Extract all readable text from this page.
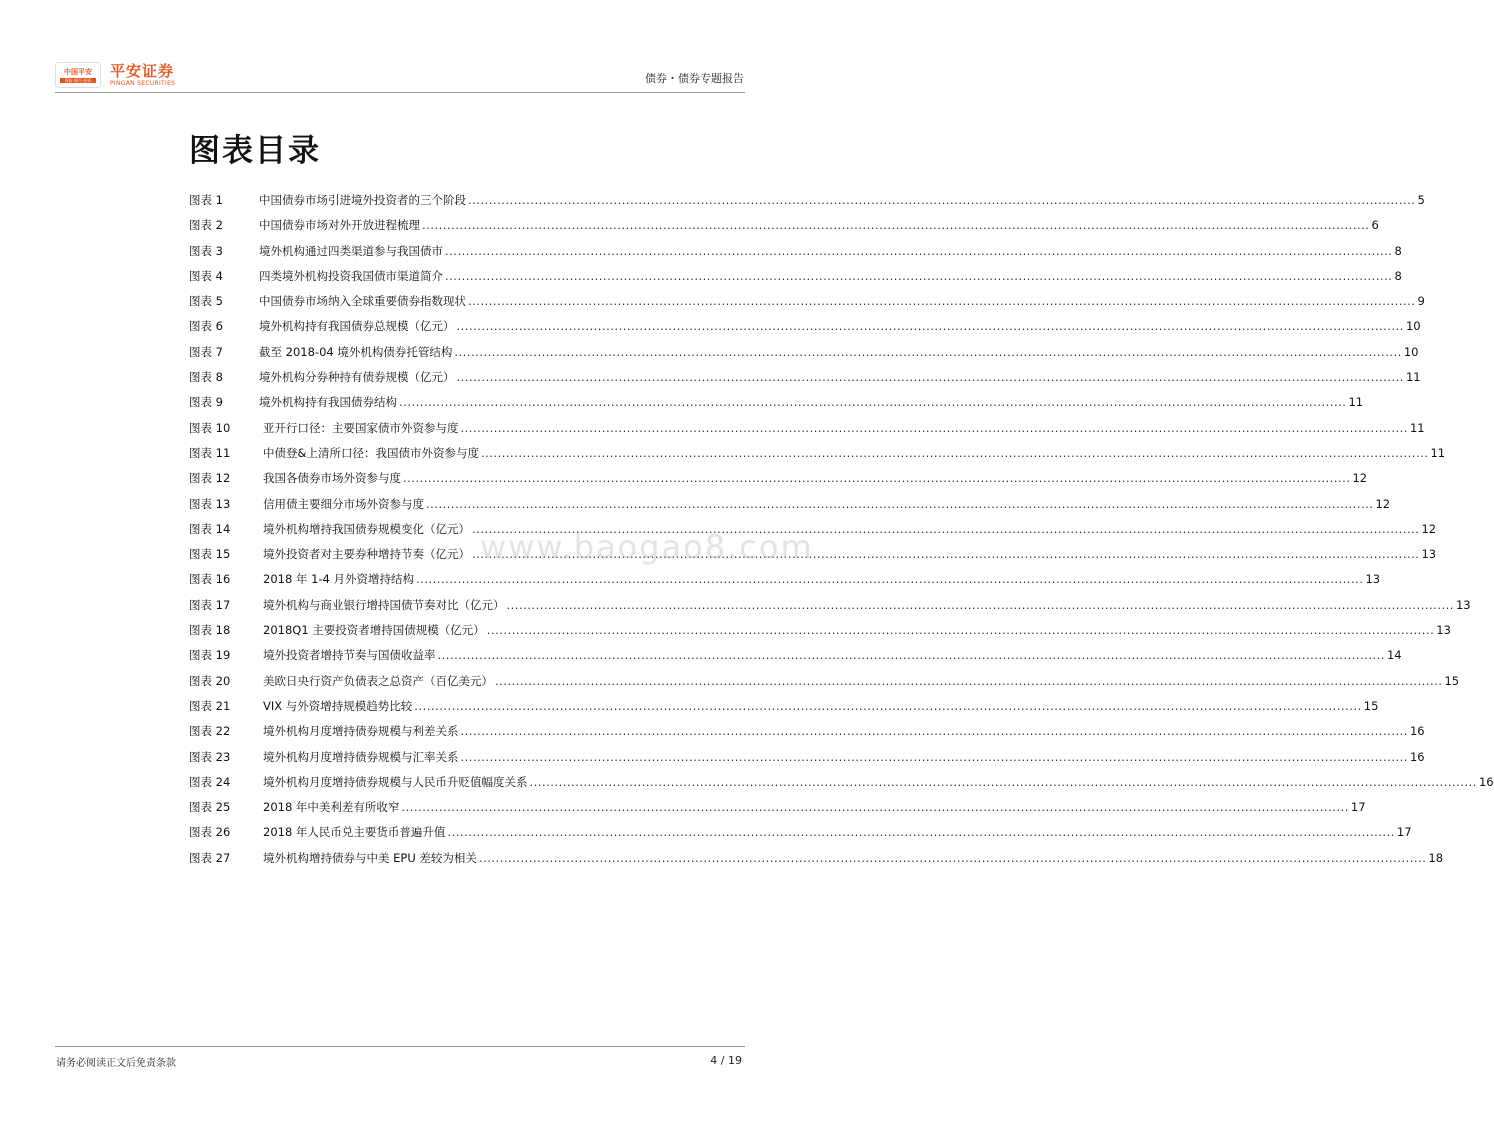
中国平安
保险·银行·投资
平安证券
PINGAN SECURITIES	债券・债券专题报告
图表目录
图表 1	中国债券市场引进境外投资者的三个阶段 .....	5
图表 2	中国债券市场对外开放进程梳理 .....	6
图表 3	境外机构通过四类渠道参与我国债市 .....	8
图表 4	四类境外机构投资我国债市渠道简介 .....	8
图表 5	中国债券市场纳入全球重要债券指数现状 .....	9
图表 6	境外机构持有我国债券总规模（亿元） .....	10
图表 7	截至 2018-04 境外机构债券托管结构 .....	10
图表 8	境外机构分券种持有债券规模（亿元） .....	11
图表 9	境外机构持有我国债券结构 .....	11
图表 10	亚开行口径：主要国家债市外资参与度 .....	11
图表 11	中债登&上清所口径：我国债市外资参与度 .....	11
图表 12	我国各债券市场外资参与度 .....	12
图表 13	信用债主要细分市场外资参与度 .....	12
图表 14	境外机构增持我国债券规模变化（亿元） .....	12
图表 15	境外投资者对主要券种增持节奏（亿元） .....	13
图表 16	2018 年 1-4 月外资增持结构 .....	13
图表 17	境外机构与商业银行增持国债节奏对比（亿元） .....	13
图表 18	2018Q1 主要投资者增持国债规模（亿元） .....	13
图表 19	境外投资者增持节奏与国债收益率 .....	14
图表 20	美欧日央行资产负债表之总资产（百亿美元） .....	15
图表 21	VIX 与外资增持规模趋势比较 .....	15
图表 22	境外机构月度增持债券规模与利差关系 .....	16
图表 23	境外机构月度增持债券规模与汇率关系 .....	16
图表 24	境外机构月度增持债券规模与人民币升贬值幅度关系 .....	16
图表 25	2018 年中美利差有所收窄 .....	17
图表 26	2018 年人民币兑主要货币普遍升值 .....	17
图表 27	境外机构增持债券与中美 EPU 差较为相关 .....	18
www.baogao8.com
请务必阅读正文后免责条款	4 / 19
